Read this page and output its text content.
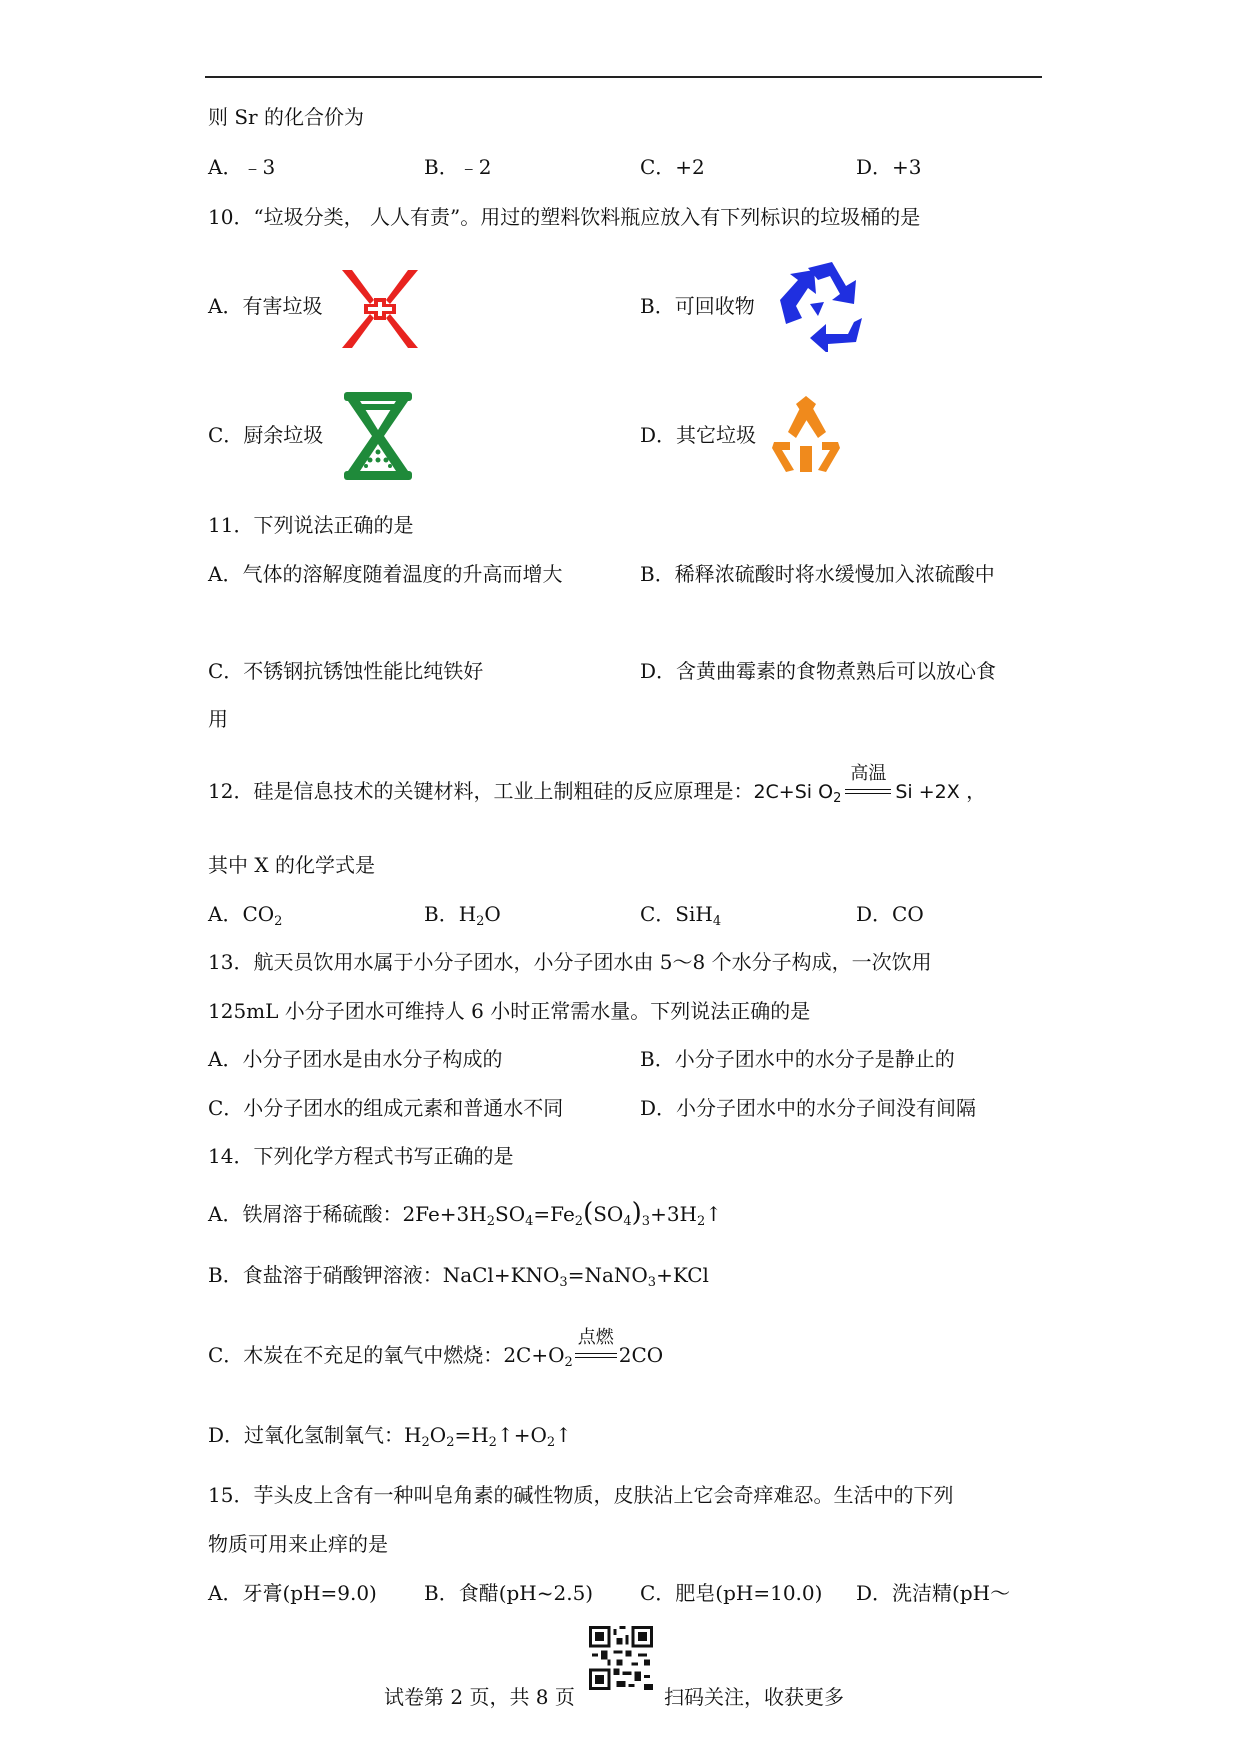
则 Sr 的化合价为
A．﹣3	B．﹣2	C．+2	D．+3
10．“垃圾分类， 人人有责”。用过的塑料饮料瓶应放入有下列标识的垃圾桶的是
A．有害垃圾	B．可回收物
C．厨余垃圾	D．其它垃圾
11．下列说法正确的是
A．气体的溶解度随着温度的升高而增大	B．稀释浓硫酸时将水缓慢加入浓硫酸中
C．不锈钢抗锈蚀性能比纯铁好	D．含黄曲霉素的食物煮熟后可以放心食
用
12．硅是信息技术的关键材料，工业上制粗硅的反应原理是：2C+Si $O_2$
高温
Si +2X ，
其中 X 的化学式是
A．$CO_2$	B．$H_2O$	C．SiH$_4$	D．CO
13．航天员饮用水属于小分子团水，小分子团水由 5～8 个水分子构成，一次饮用
125mL 小分子团水可维持人 6 小时正常需水量。下列说法正确的是
A．小分子团水是由水分子构成的	B．小分子团水中的水分子是静止的
C．小分子团水的组成元素和普通水不同	D．小分子团水中的水分子间没有间隔
14．下列化学方程式书写正确的是
A．铁屑溶于稀硫酸：$2Fe+3H_2SO_4=Fe_2(SO_4)_3+3H_2↑$
B．食盐溶于硝酸钾溶液：$NaCl+KNO_3=NaNO_3+KCl$
C．木炭在不充足的氧气中燃烧：$2C+O_2$
点燃
2CO
D．过氧化氢制氧气：$H_2O_2=H_2↑+O_2↑$
15．芋头皮上含有一种叫皂角素的碱性物质，皮肤沾上它会奇痒难忍。生活中的下列
物质可用来止痒的是
A．牙膏(pH=9.0) B．食醋(pH~2.5) C．肥皂(pH=10.0) D．洗洁精(pH～
试卷第 2 页，共 8 页	扫码关注，收获更多
